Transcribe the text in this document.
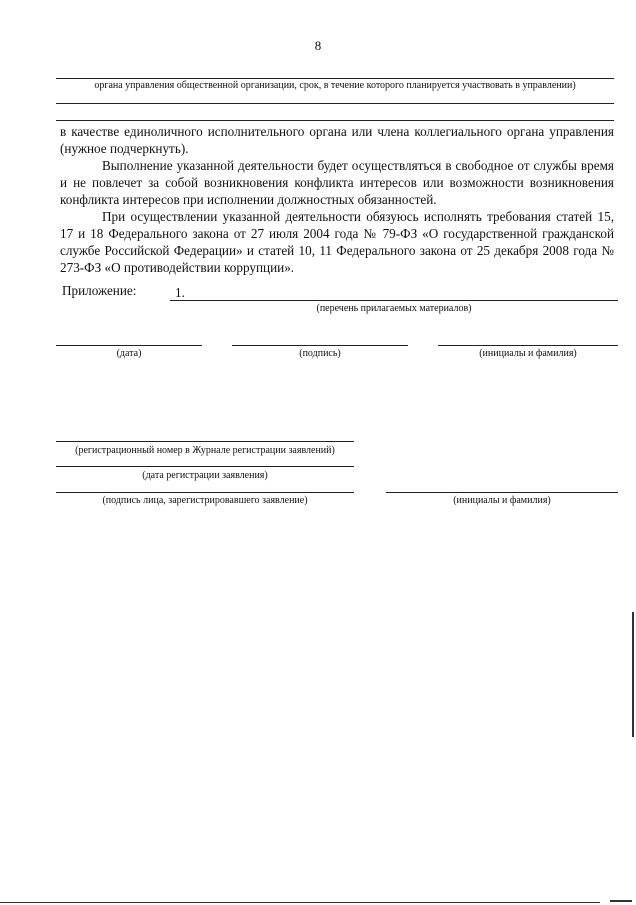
8
органа управления общественной организации, срок, в течение которого планируется участвовать в управлении)

в качестве единоличного исполнительного органа или члена коллегиального органа управления (нужное подчеркнуть).

Выполнение указанной деятельности будет осуществляться в свободное от службы время и не повлечет за собой возникновения конфликта интересов или возможности возникновения конфликта интересов при исполнении должностных обязанностей.

При осуществлении указанной деятельности обязуюсь исполнять требования статей 15, 17 и 18 Федерального закона от 27 июля 2004 года № 79-ФЗ «О государственной гражданской службе Российской Федерации» и статей 10, 11 Федерального закона от 25 декабря 2008 года № 273-ФЗ «О противодействии коррупции».

Приложение:	1.
(перечень прилагаемых материалов)
(дата)	(подпись)	(инициалы и фамилия)
(регистрационный номер в Журнале регистрации заявлений)
(дата регистрации заявления)
(подпись лица, зарегистрировавшего заявление)	(инициалы и фамилия)
